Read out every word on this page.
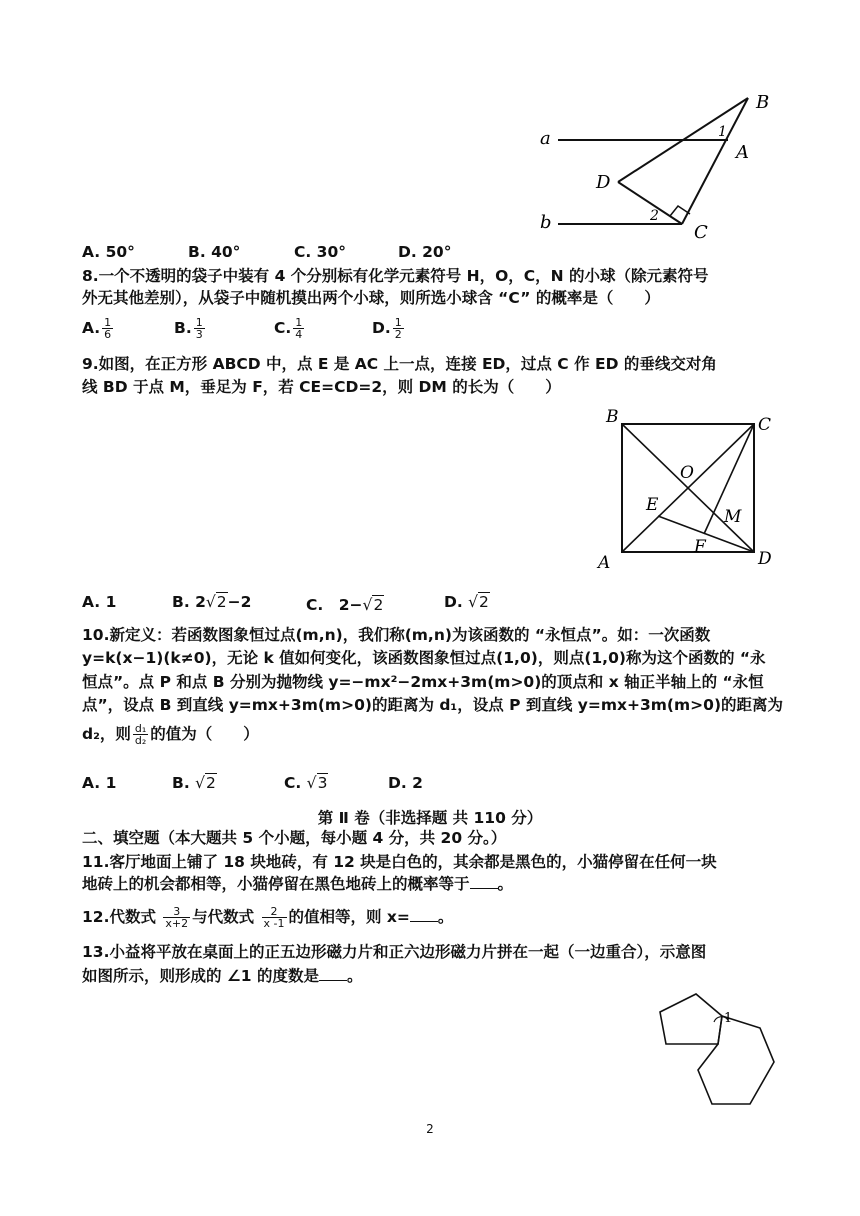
a
b
B
A
C
D
1
2
A. 50°	B. 40°	C. 30°	D. 20°
8.一个不透明的袋子中装有 4 个分别标有化学元素符号 H，O，C，N 的小球（除元素符号
外无其他差别），从袋子中随机摸出两个小球，则所选小球含 “C” 的概率是（　　）
A. $\frac{1}{6}$	B. $\frac{1}{3}$	C. $\frac{1}{4}$	D. $\frac{1}{2}$
9.如图，在正方形 ABCD 中，点 E 是 AC 上一点，连接 ED，过点 C 作 ED 的垂线交对角
线 BD 于点 M，垂足为 F，若 CE=CD=2，则 DM 的长为（　　）
B	C
A	D
O
E
M
F
A. 1	B. 2√2−2	C.　2−√2	D. √2
10.新定义：若函数图象恒过点(m,n)，我们称(m,n)为该函数的 “永恒点”。如：一次函数
y=k(x−1)(k≠0)，无论 k 值如何变化，该函数图象恒过点(1,0)，则点(1,0)称为这个函数的 “永
恒点”。点 P 和点 B 分别为抛物线 y=−mx²−2mx+3m(m>0)的顶点和 x 轴正半轴上的 “永恒
点”，设点 B 到直线 y=mx+3m(m>0)的距离为 d₁，设点 P 到直线 y=mx+3m(m>0)的距离为
d₂，则 $\frac{\text{d₁}}{\text{d₂}}$ 的值为（　　）
A. 1	B. √2	C. √3	D. 2
第 Ⅱ 卷（非选择题 共 110 分）
二、填空题（本大题共 5 个小题，每小题 4 分，共 20 分。）
11.客厅地面上铺了 18 块地砖，有 12 块是白色的，其余都是黑色的，小猫停留在任何一块
地砖上的机会都相等，小猫停留在黑色地砖上的概率等于 。
12.代数式 $\frac{3}{x+2}$ 与代数式 $\frac{2}{x -1}$ 的值相等，则 x= 。
13.小益将平放在桌面上的正五边形磁力片和正六边形磁力片拼在一起（一边重合），示意图
如图所示，则形成的 ∠1 的度数是 。
1
2
